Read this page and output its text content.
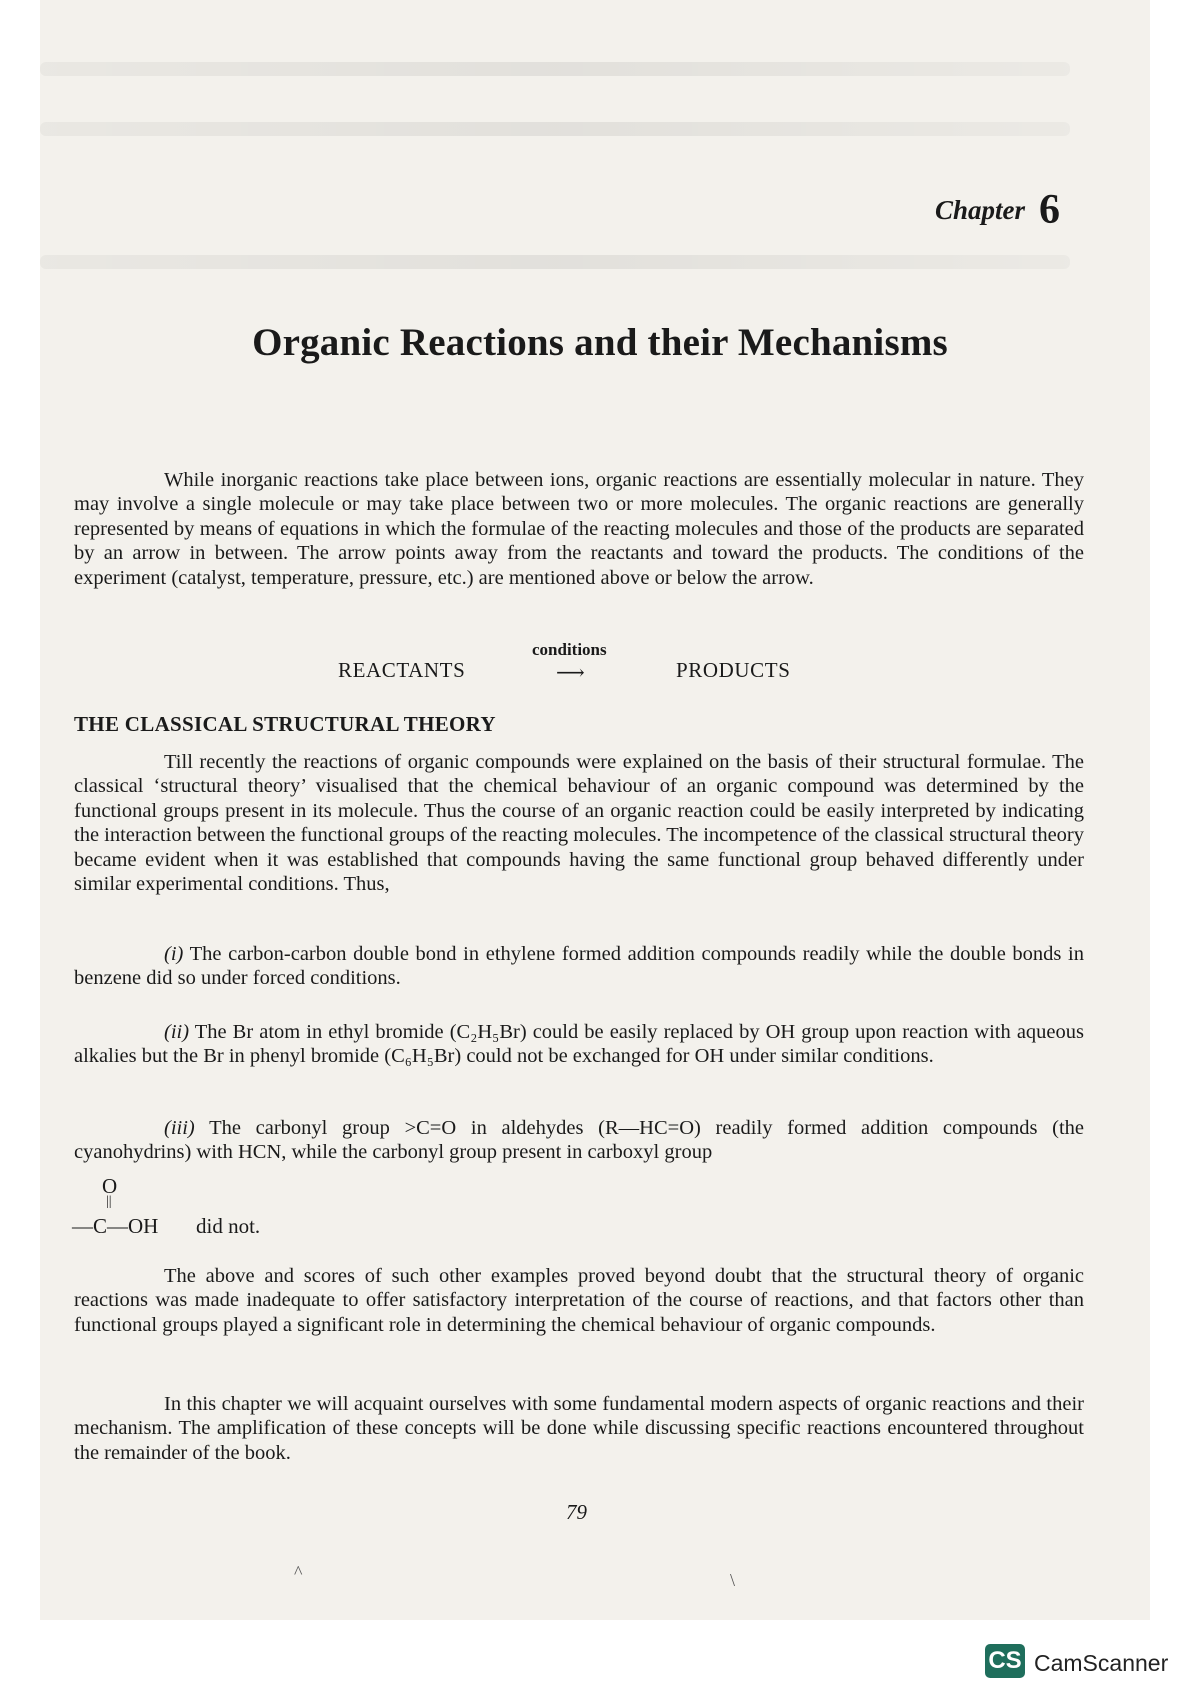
Chapter 6
Organic Reactions and their Mechanisms

While inorganic reactions take place between ions, organic reactions are essentially molecular in nature. They may involve a single molecule or may take place between two or more molecules. The organic reactions are generally represented by means of equations in which the formulae of the reacting molecules and those of the products are separated by an arrow in between. The arrow points away from the reactants and toward the products. The conditions of the experiment (catalyst, temperature, pressure, etc.) are mentioned above or below the arrow.

REACTANTS
conditions
⟶	PRODUCTS
THE CLASSICAL STRUCTURAL THEORY

Till recently the reactions of organic compounds were explained on the basis of their structural formulae. The classical ‘structural theory’ visualised that the chemical behaviour of an organic compound was determined by the functional groups present in its molecule. Thus the course of an organic reaction could be easily interpreted by indicating the interaction between the functional groups of the reacting molecules. The incompetence of the classical structural theory became evident when it was established that compounds having the same functional group behaved differently under similar experimental conditions. Thus,

(i) The carbon-carbon double bond in ethylene formed addition compounds readily while the double bonds in benzene did so under forced conditions.

(ii) The Br atom in ethyl bromide (C₂H₅Br) could be easily replaced by OH group upon reaction with aqueous alkalies but the Br in phenyl bromide (C₆H₅Br) could not be exchanged for OH under similar conditions.

(iii) The carbonyl group >C=O in aldehydes (R—HC=O) readily formed addition compounds (the cyanohydrins) with HCN, while the carbonyl group present in carboxyl group

O
||
—C—OH did not.

The above and scores of such other examples proved beyond doubt that the structural theory of organic reactions was made inadequate to offer satisfactory interpretation of the course of reactions, and that factors other than functional groups played a significant role in determining the chemical behaviour of organic compounds.

In this chapter we will acquaint ourselves with some fundamental modern aspects of organic reactions and their mechanism. The amplification of these concepts will be done while discussing specific reactions encountered throughout the remainder of the book.

79
^	\
CS CamScanner
